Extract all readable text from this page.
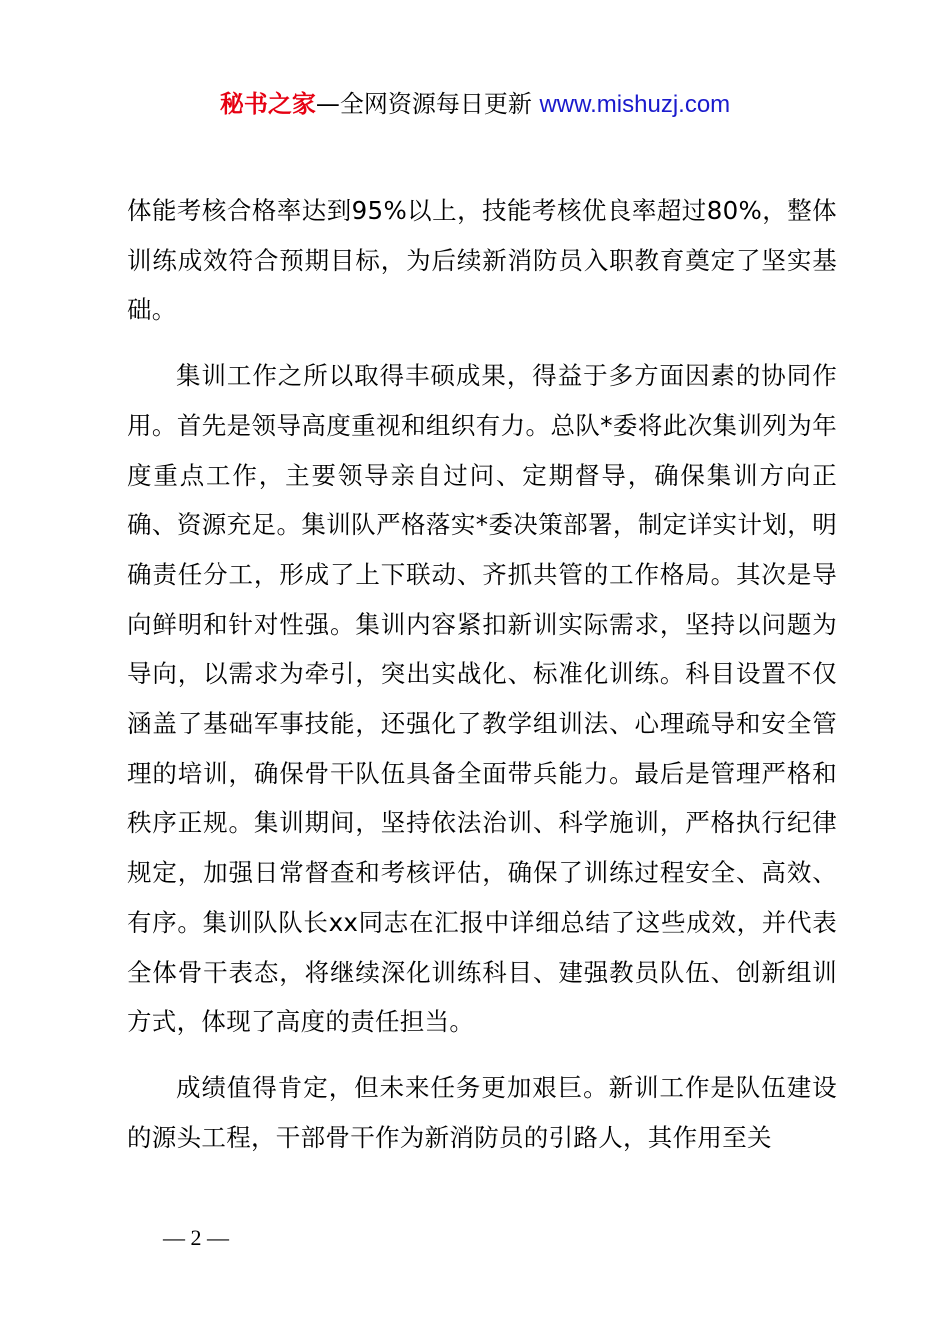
秘书之家—全网资源每日更新 www.mishuzj.com

体能考核合格率达到95%以上，技能考核优良率超过80%，整体训练成效符合预期目标，为后续新消防员入职教育奠定了坚实基础。

集训工作之所以取得丰硕成果，得益于多方面因素的协同作用。首先是领导高度重视和组织有力。总队*委将此次集训列为年度重点工作，主要领导亲自过问、定期督导，确保集训方向正确、资源充足。集训队严格落实*委决策部署，制定详实计划，明确责任分工，形成了上下联动、齐抓共管的工作格局。其次是导向鲜明和针对性强。集训内容紧扣新训实际需求，坚持以问题为导向，以需求为牵引，突出实战化、标准化训练。科目设置不仅涵盖了基础军事技能，还强化了教学组训法、心理疏导和安全管理的培训，确保骨干队伍具备全面带兵能力。最后是管理严格和秩序正规。集训期间，坚持依法治训、科学施训，严格执行纪律规定，加强日常督查和考核评估，确保了训练过程安全、高效、有序。集训队队长xx同志在汇报中详细总结了这些成效，并代表全体骨干表态，将继续深化训练科目、建强教员队伍、创新组训方式，体现了高度的责任担当。

成绩值得肯定，但未来任务更加艰巨。新训工作是队伍建设的源头工程，干部骨干作为新消防员的引路人，其作用至关

— 2 —
